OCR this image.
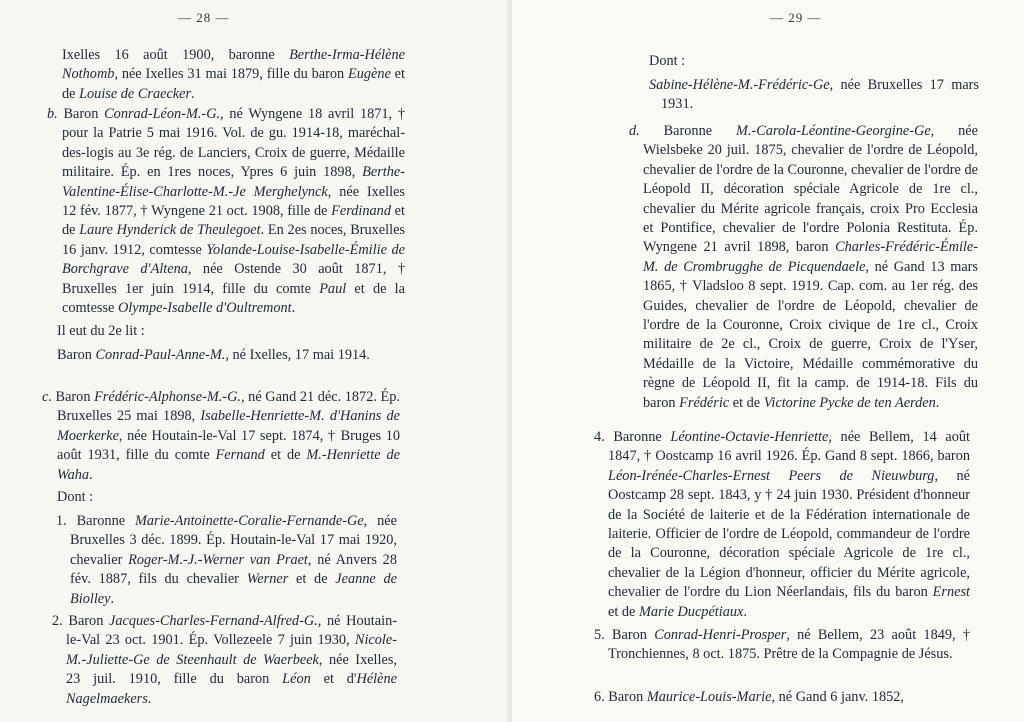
— 28 —

Ixelles 16 août 1900, baronne Berthe-Irma-Hélène Nothomb, née Ixelles 31 mai 1879, fille du baron Eugène et de Louise de Craecker.

b. Baron Conrad-Léon-M.-G., né Wyngene 18 avril 1871, † pour la Patrie 5 mai 1916. Vol. de gu. 1914-18, maréchal-des-logis au 3e rég. de Lanciers, Croix de guerre, Médaille militaire. Ép. en 1res noces, Ypres 6 juin 1898, Berthe-Valentine-Élise-Charlotte-M.-Je Merghelynck, née Ixelles 12 fév. 1877, † Wyngene 21 oct. 1908, fille de Ferdinand et de Laure Hynderick de Theulegoet. En 2es noces, Bruxelles 16 janv. 1912, comtesse Yolande-Louise-Isabelle-Émilie de Borchgrave d'Altena, née Ostende 30 août 1871, † Bruxelles 1er juin 1914, fille du comte Paul et de la comtesse Olympe-Isabelle d'Oultremont.

Il eut du 2e lit :

Baron Conrad-Paul-Anne-M., né Ixelles, 17 mai 1914.

c. Baron Frédéric-Alphonse-M.-G., né Gand 21 déc. 1872. Ép. Bruxelles 25 mai 1898, Isabelle-Henriette-M. d'Hanins de Moerkerke, née Houtain-le-Val 17 sept. 1874, † Bruges 10 août 1931, fille du comte Fernand et de M.-Henriette de Waha.

Dont :

1. Baronne Marie-Antoinette-Coralie-Fernande-Ge, née Bruxelles 3 déc. 1899. Ép. Houtain-le-Val 17 mai 1920, chevalier Roger-M.-J.-Werner van Praet, né Anvers 28 fév. 1887, fils du chevalier Werner et de Jeanne de Biolley.

2. Baron Jacques-Charles-Fernand-Alfred-G., né Houtain-le-Val 23 oct. 1901. Ép. Vollezeele 7 juin 1930, Nicole-M.-Juliette-Ge de Steenhault de Waerbeek, née Ixelles, 23 juil. 1910, fille du baron Léon et d'Hélène Nagelmaekers.

— 29 —

Dont :

Sabine-Hélène-M.-Frédéric-Ge, née Bruxelles 17 mars 1931.

d. Baronne M.-Carola-Léontine-Georgine-Ge, née Wielsbeke 20 juil. 1875, chevalier de l'ordre de Léopold, chevalier de l'ordre de la Couronne, chevalier de l'ordre de Léopold II, décoration spéciale Agricole de 1re cl., chevalier du Mérite agricole français, croix Pro Ecclesia et Pontifice, chevalier de l'ordre Polonia Restituta. Ép. Wyngene 21 avril 1898, baron Charles-Frédéric-Émile-M. de Crombrugghe de Picquendaele, né Gand 13 mars 1865, † Vladsloo 8 sept. 1919. Cap. com. au 1er rég. des Guides, chevalier de l'ordre de Léopold, chevalier de l'ordre de la Couronne, Croix civique de 1re cl., Croix militaire de 2e cl., Croix de guerre, Croix de l'Yser, Médaille de la Victoire, Médaille commémorative du règne de Léopold II, fit la camp. de 1914-18. Fils du baron Frédéric et de Victorine Pycke de ten Aerden.

4. Baronne Léontine-Octavie-Henriette, née Bellem, 14 août 1847, † Oostcamp 16 avril 1926. Ép. Gand 8 sept. 1866, baron Léon-Irénée-Charles-Ernest Peers de Nieuwburg, né Oostcamp 28 sept. 1843, y † 24 juin 1930. Président d'honneur de la Société de laiterie et de la Fédération internationale de laiterie. Officier de l'ordre de Léopold, commandeur de l'ordre de la Couronne, décoration spéciale Agricole de 1re cl., chevalier de la Légion d'honneur, officier du Mérite agricole, chevalier de l'ordre du Lion Néerlandais, fils du baron Ernest et de Marie Ducpétiaux.

5. Baron Conrad-Henri-Prosper, né Bellem, 23 août 1849, † Tronchiennes, 8 oct. 1875. Prêtre de la Compagnie de Jésus.

6. Baron Maurice-Louis-Marie, né Gand 6 janv. 1852,
